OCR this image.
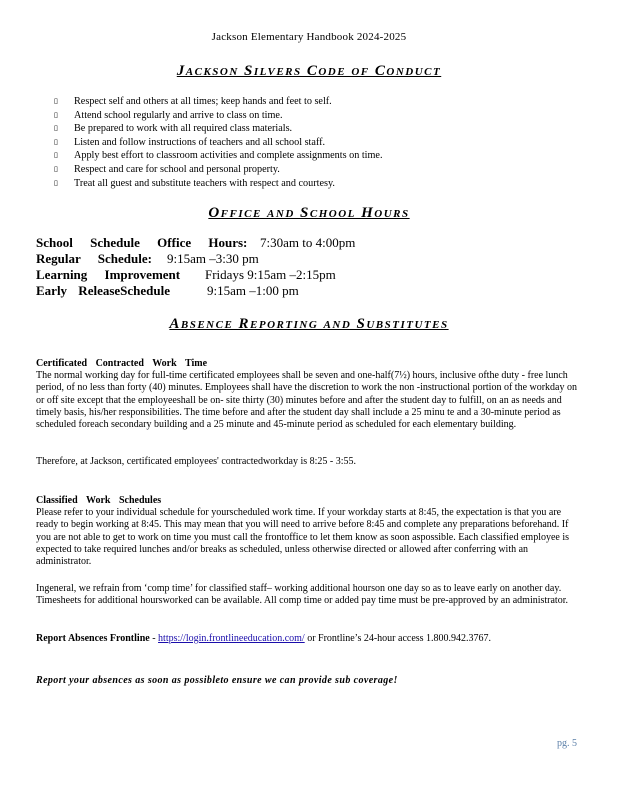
Jackson Elementary Handbook 2024-2025
Jackson Silvers Code of Conduct
▯ Respect self and others at all times; keep hands and feet to self.
▯ Attend school regularly and arrive to class on time.
▯ Be prepared to work with all required class materials.
▯ Listen and follow instructions of teachers and all school staff.
▯ Apply best effort to classroom activities and complete assignments on time.
▯ Respect and care for school and personal property.
▯ Treat all guest and substitute teachers with respect and courtesy.
Office and School Hours
School Schedule Office Hours: 7:30am to 4:00pm
Regular Schedule: 9:15am –3:30 pm
Learning Improvement Fridays 9:15am –2:15pm
Early ReleaseSchedule	9:15am –1:00 pm
Absence Reporting and Substitutes
Certificated Contracted Work Time
The normal working day for full-time certificated employees shall be seven and one-half(7½) hours, inclusive ofthe duty - free lunch period, of no less than forty (40) minutes. Employees shall have the discretion to work the non -instructional portion of the workday on or off site except that the employeeshall be on- site thirty (30) minutes before and after the student day to fulfill, on an as needs and timely basis, his/her responsibilities. The time before and after the student day shall include a 25 minu te and a 30-minute period as scheduled foreach secondary building and a 25 minute and 45-minute period as scheduled for each elementary building.
Therefore, at Jackson, certificated employees' contractedworkday is 8:25 - 3:55.
Classified Work Schedules
Please refer to your individual schedule for yourscheduled work time. If your workday starts at 8:45, the expectation is that you are ready to begin working at 8:45. This may mean that you will need to arrive before 8:45 and complete any preparations beforehand. If you are not able to get to work on time you must call the frontoffice to let them know as soon aspossible. Each classified employee is expected to take required lunches and/or breaks as scheduled, unless otherwise directed or allowed after conferring with an administrator.
Ingeneral, we refrain from ‘comp time’ for classified staff– working additional hourson one day so as to leave early on another day. Timesheets for additional hoursworked can be available. All comp time or added pay time must be pre-approved by an administrator.
Report Absences Frontline - https://login.frontlineeducation.com/ or Frontline’s 24-hour access 1.800.942.3767.
Report your absences as soon as possibleto ensure we can provide sub coverage!
pg. 5
